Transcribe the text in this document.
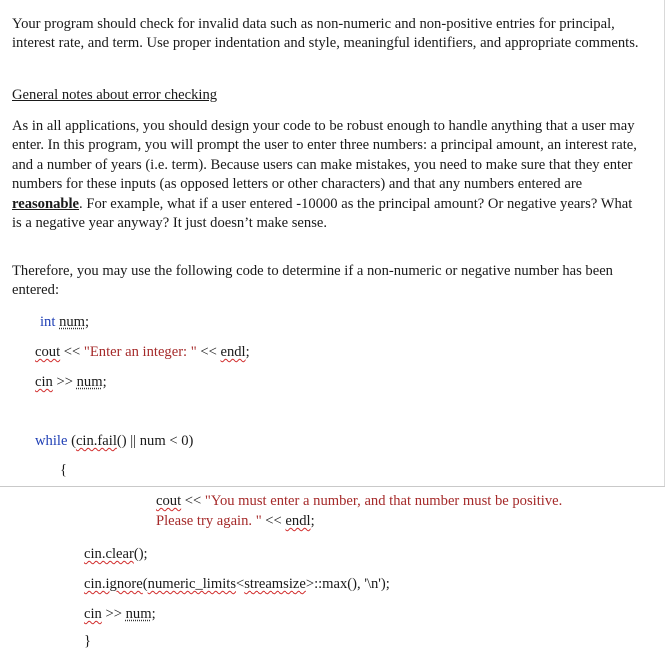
Your program should check for invalid data such as non-numeric and non-positive entries for principal, interest rate, and term. Use proper indentation and style, meaningful identifiers, and appropriate comments.

General notes about error checking

As in all applications, you should design your code to be robust enough to handle anything that a user may enter. In this program, you will prompt the user to enter three numbers: a principal amount, an interest rate, and a number of years (i.e. term). Because users can make mistakes, you need to make sure that they enter numbers for these inputs (as opposed letters or other characters) and that any numbers entered are reasonable. For example, what if a user entered -10000 as the principal amount? Or negative years? What is a negative year anyway? It just doesn’t make sense.

Therefore, you may use the following code to determine if a non-numeric or negative number has been entered:

int num;
cout << "Enter an integer: " << endl;
cin >> num;
while (cin.fail() || num < 0)
{
cout << "You must enter a number, and that number must be positive.
Please try again. " << endl;
cin.clear();
cin.ignore(numeric_limits<streamsize>::max(), '\n');
cin >> num;
}
